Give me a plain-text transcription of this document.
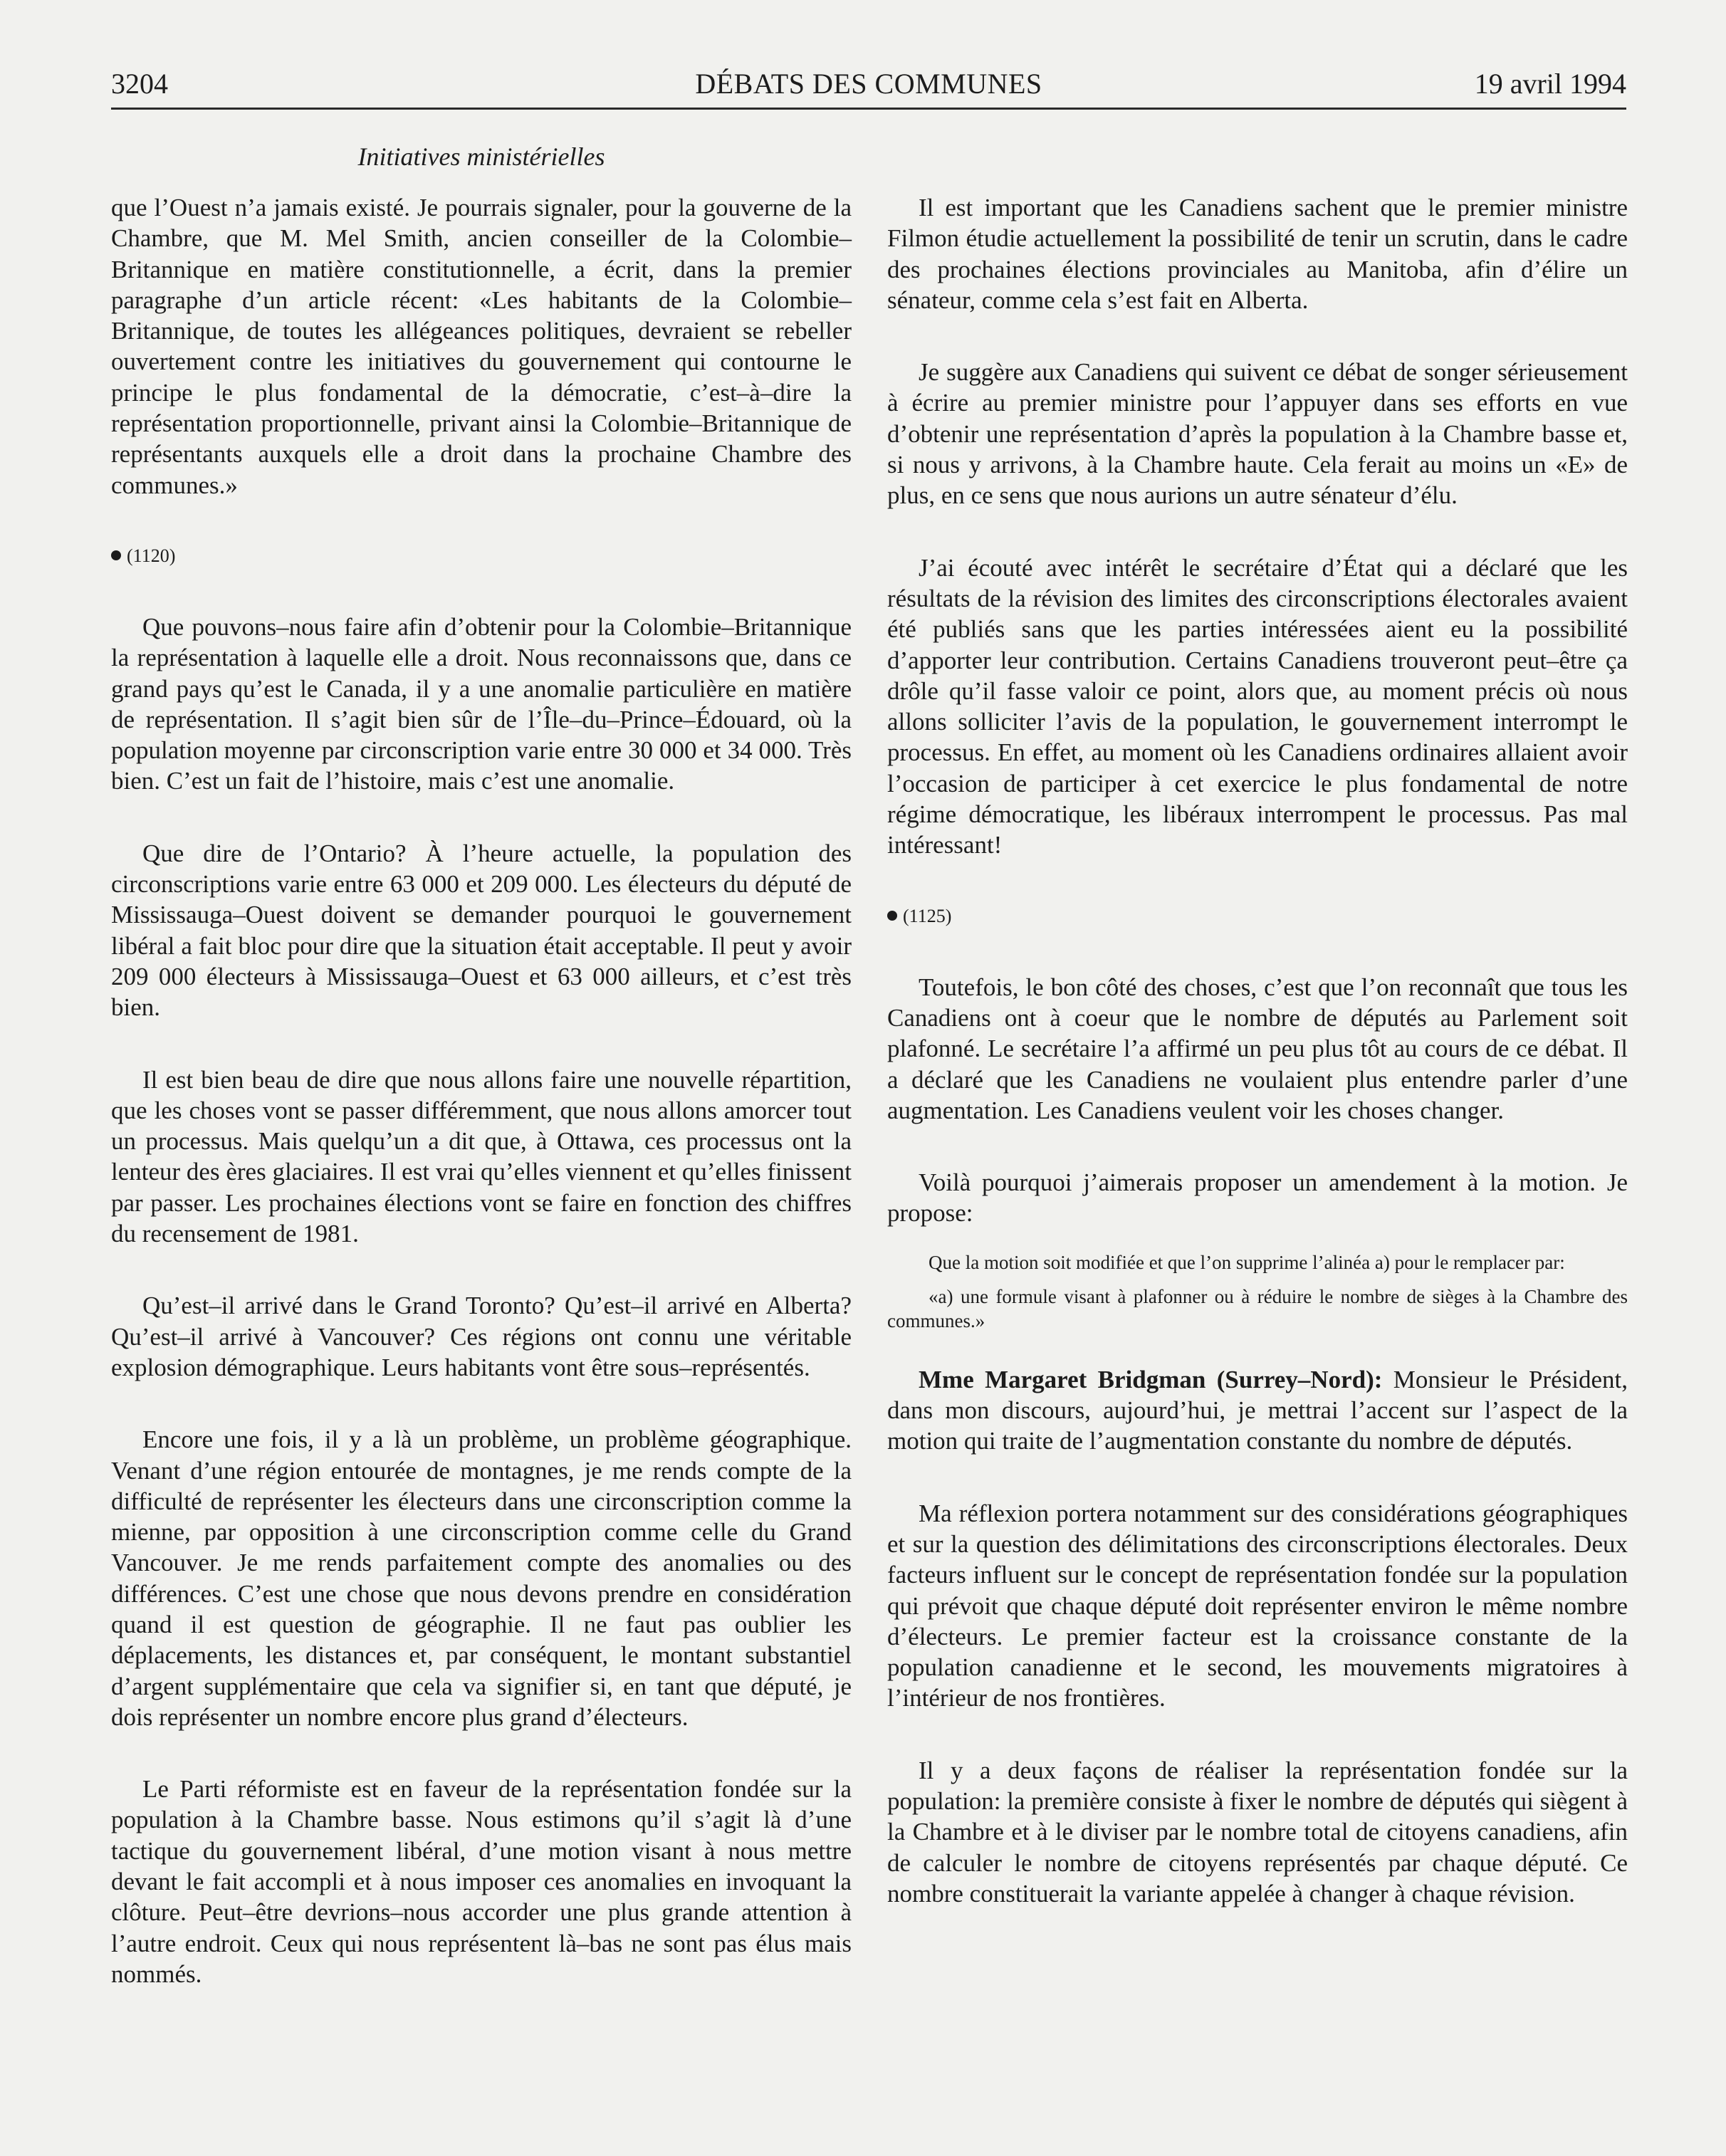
3204	DÉBATS DES COMMUNES	19 avril 1994
Initiatives ministérielles

que l’Ouest n’a jamais existé. Je pourrais signaler, pour la gouverne de la Chambre, que M. Mel Smith, ancien conseiller de la Colombie–Britannique en matière constitutionnelle, a écrit, dans la premier paragraphe d’un article récent: «Les habitants de la Colombie–Britannique, de toutes les allégeances politiques, devraient se rebeller ouvertement contre les initiatives du gouvernement qui contourne le principe le plus fondamental de la démocratie, c’est–à–dire la représentation proportionnelle, privant ainsi la Colombie–Britannique de représentants auxquels elle a droit dans la prochaine Chambre des communes.»

(1120)

Que pouvons–nous faire afin d’obtenir pour la Colombie–Britannique la représentation à laquelle elle a droit. Nous reconnaissons que, dans ce grand pays qu’est le Canada, il y a une anomalie particulière en matière de représentation. Il s’agit bien sûr de l’Île–du–Prince–Édouard, où la population moyenne par circonscription varie entre 30 000 et 34 000. Très bien. C’est un fait de l’histoire, mais c’est une anomalie.

Que dire de l’Ontario? À l’heure actuelle, la population des circonscriptions varie entre 63 000 et 209 000. Les électeurs du député de Mississauga–Ouest doivent se demander pourquoi le gouvernement libéral a fait bloc pour dire que la situation était acceptable. Il peut y avoir 209 000 électeurs à Mississauga–Ouest et 63 000 ailleurs, et c’est très bien.

Il est bien beau de dire que nous allons faire une nouvelle répartition, que les choses vont se passer différemment, que nous allons amorcer tout un processus. Mais quelqu’un a dit que, à Ottawa, ces processus ont la lenteur des ères glaciaires. Il est vrai qu’elles viennent et qu’elles finissent par passer. Les prochaines élections vont se faire en fonction des chiffres du recensement de 1981.

Qu’est–il arrivé dans le Grand Toronto? Qu’est–il arrivé en Alberta? Qu’est–il arrivé à Vancouver? Ces régions ont connu une véritable explosion démographique. Leurs habitants vont être sous–représentés.

Encore une fois, il y a là un problème, un problème géographique. Venant d’une région entourée de montagnes, je me rends compte de la difficulté de représenter les électeurs dans une circonscription comme la mienne, par opposition à une circonscription comme celle du Grand Vancouver. Je me rends parfaitement compte des anomalies ou des différences. C’est une chose que nous devons prendre en considération quand il est question de géographie. Il ne faut pas oublier les déplacements, les distances et, par conséquent, le montant substantiel d’argent supplémentaire que cela va signifier si, en tant que député, je dois représenter un nombre encore plus grand d’électeurs.

Le Parti réformiste est en faveur de la représentation fondée sur la population à la Chambre basse. Nous estimons qu’il s’agit là d’une tactique du gouvernement libéral, d’une motion visant à nous mettre devant le fait accompli et à nous imposer ces anomalies en invoquant la clôture. Peut–être devrions–nous accorder une plus grande attention à l’autre endroit. Ceux qui nous représentent là–bas ne sont pas élus mais nommés.

Il est important que les Canadiens sachent que le premier ministre Filmon étudie actuellement la possibilité de tenir un scrutin, dans le cadre des prochaines élections provinciales au Manitoba, afin d’élire un sénateur, comme cela s’est fait en Alberta.

Je suggère aux Canadiens qui suivent ce débat de songer sérieusement à écrire au premier ministre pour l’appuyer dans ses efforts en vue d’obtenir une représentation d’après la population à la Chambre basse et, si nous y arrivons, à la Chambre haute. Cela ferait au moins un «E» de plus, en ce sens que nous aurions un autre sénateur d’élu.

J’ai écouté avec intérêt le secrétaire d’État qui a déclaré que les résultats de la révision des limites des circonscriptions électorales avaient été publiés sans que les parties intéressées aient eu la possibilité d’apporter leur contribution. Certains Canadiens trouveront peut–être ça drôle qu’il fasse valoir ce point, alors que, au moment précis où nous allons solliciter l’avis de la population, le gouvernement interrompt le processus. En effet, au moment où les Canadiens ordinaires allaient avoir l’occasion de participer à cet exercice le plus fondamental de notre régime démocratique, les libéraux interrompent le processus. Pas mal intéressant!

(1125)

Toutefois, le bon côté des choses, c’est que l’on reconnaît que tous les Canadiens ont à coeur que le nombre de députés au Parlement soit plafonné. Le secrétaire l’a affirmé un peu plus tôt au cours de ce débat. Il a déclaré que les Canadiens ne voulaient plus entendre parler d’une augmentation. Les Canadiens veulent voir les choses changer.

Voilà pourquoi j’aimerais proposer un amendement à la motion. Je propose:

Que la motion soit modifiée et que l’on supprime l’alinéa a) pour le remplacer par:

«a) une formule visant à plafonner ou à réduire le nombre de sièges à la Chambre des communes.»

Mme Margaret Bridgman (Surrey–Nord): Monsieur le Président, dans mon discours, aujourd’hui, je mettrai l’accent sur l’aspect de la motion qui traite de l’augmentation constante du nombre de députés.

Ma réflexion portera notamment sur des considérations géographiques et sur la question des délimitations des circonscriptions électorales. Deux facteurs influent sur le concept de représentation fondée sur la population qui prévoit que chaque député doit représenter environ le même nombre d’électeurs. Le premier facteur est la croissance constante de la population canadienne et le second, les mouvements migratoires à l’intérieur de nos frontières.

Il y a deux façons de réaliser la représentation fondée sur la population: la première consiste à fixer le nombre de députés qui siègent à la Chambre et à le diviser par le nombre total de citoyens canadiens, afin de calculer le nombre de citoyens représentés par chaque député. Ce nombre constituerait la variante appelée à changer à chaque révision.
